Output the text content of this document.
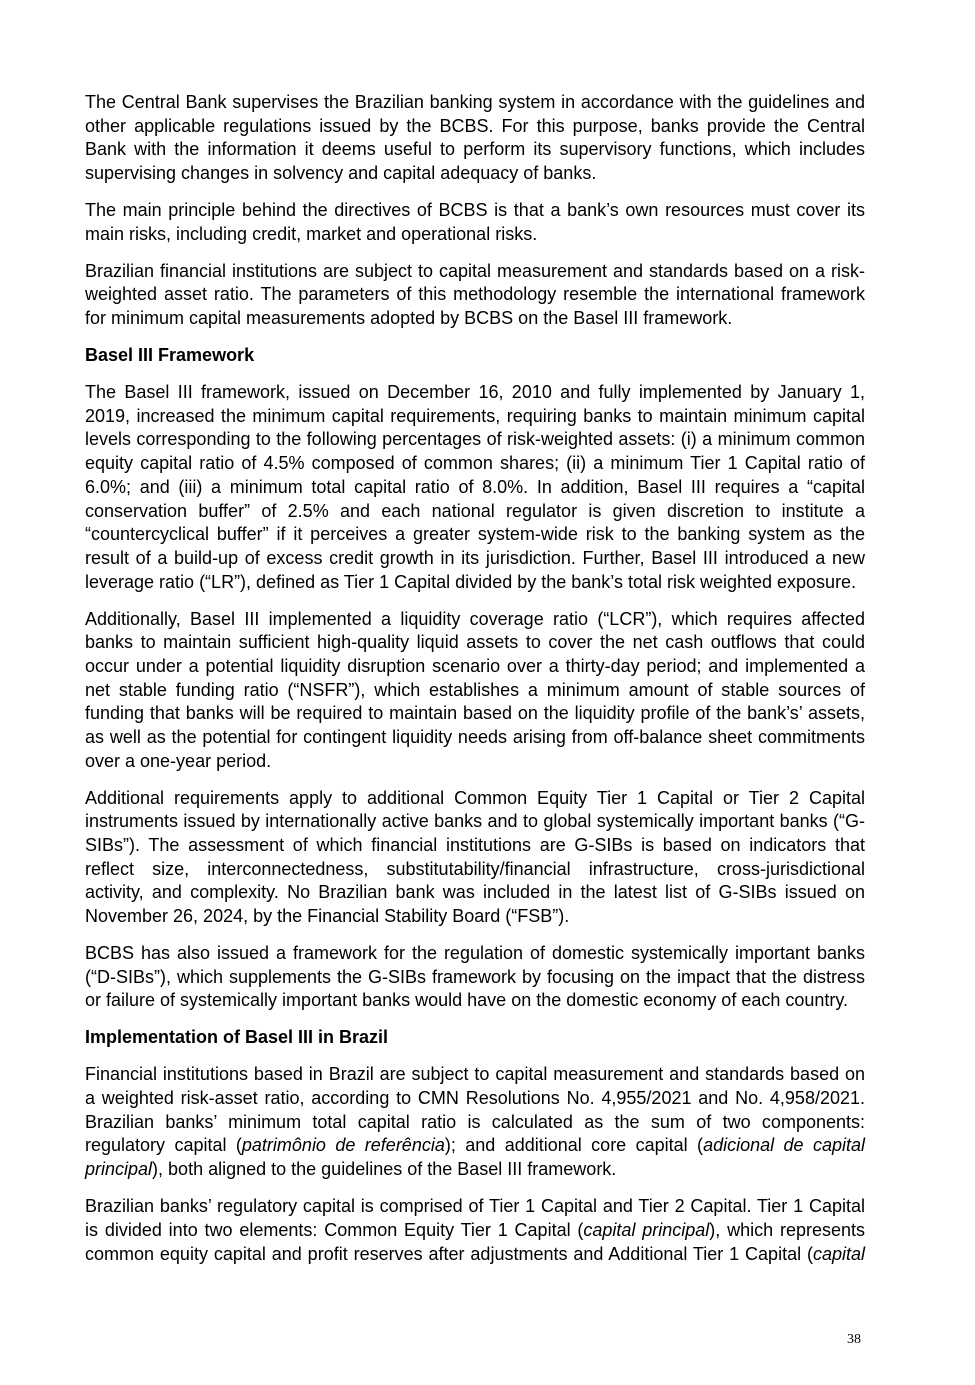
The Central Bank supervises the Brazilian banking system in accordance with the guidelines and
other applicable regulations issued by the BCBS. For this purpose, banks provide the Central
Bank with the information it deems useful to perform its supervisory functions, which includes
supervising changes in solvency and capital adequacy of banks.
The main principle behind the directives of BCBS is that a bank’s own resources must cover its
main risks, including credit, market and operational risks.
Brazilian financial institutions are subject to capital measurement and standards based on a risk-
weighted asset ratio. The parameters of this methodology resemble the international framework
for minimum capital measurements adopted by BCBS on the Basel III framework.
Basel III Framework
The Basel III framework, issued on December 16, 2010 and fully implemented by January 1,
2019, increased the minimum capital requirements, requiring banks to maintain minimum capital
levels corresponding to the following percentages of risk-weighted assets: (i) a minimum common
equity capital ratio of 4.5% composed of common shares; (ii) a minimum Tier 1 Capital ratio of
6.0%; and (iii) a minimum total capital ratio of 8.0%. In addition, Basel III requires a “capital
conservation buffer” of 2.5% and each national regulator is given discretion to institute a
“countercyclical buffer” if it perceives a greater system-wide risk to the banking system as the
result of a build-up of excess credit growth in its jurisdiction. Further, Basel III introduced a new
leverage ratio (“LR”), defined as Tier 1 Capital divided by the bank’s total risk weighted exposure.
Additionally, Basel III implemented a liquidity coverage ratio (“LCR”), which requires affected
banks to maintain sufficient high-quality liquid assets to cover the net cash outflows that could
occur under a potential liquidity disruption scenario over a thirty-day period; and implemented a
net stable funding ratio (“NSFR”), which establishes a minimum amount of stable sources of
funding that banks will be required to maintain based on the liquidity profile of the bank’s’ assets,
as well as the potential for contingent liquidity needs arising from off-balance sheet commitments
over a one-year period.
Additional requirements apply to additional Common Equity Tier 1 Capital or Tier 2 Capital
instruments issued by internationally active banks and to global systemically important banks (“G-
SIBs”). The assessment of which financial institutions are G-SIBs is based on indicators that
reflect size, interconnectedness, substitutability/financial infrastructure, cross-jurisdictional
activity, and complexity. No Brazilian bank was included in the latest list of G-SIBs issued on
November 26, 2024, by the Financial Stability Board (“FSB”).
BCBS has also issued a framework for the regulation of domestic systemically important banks
(“D-SIBs”), which supplements the G-SIBs framework by focusing on the impact that the distress
or failure of systemically important banks would have on the domestic economy of each country.
Implementation of Basel III in Brazil
Financial institutions based in Brazil are subject to capital measurement and standards based on
a weighted risk-asset ratio, according to CMN Resolutions No. 4,955/2021 and No. 4,958/2021.
Brazilian banks’ minimum total capital ratio is calculated as the sum of two components:
regulatory capital (patrimônio de referência); and additional core capital (adicional de capital
principal), both aligned to the guidelines of the Basel III framework.
Brazilian banks’ regulatory capital is comprised of Tier 1 Capital and Tier 2 Capital. Tier 1 Capital
is divided into two elements: Common Equity Tier 1 Capital (capital principal), which represents
common equity capital and profit reserves after adjustments and Additional Tier 1 Capital (capital
38
